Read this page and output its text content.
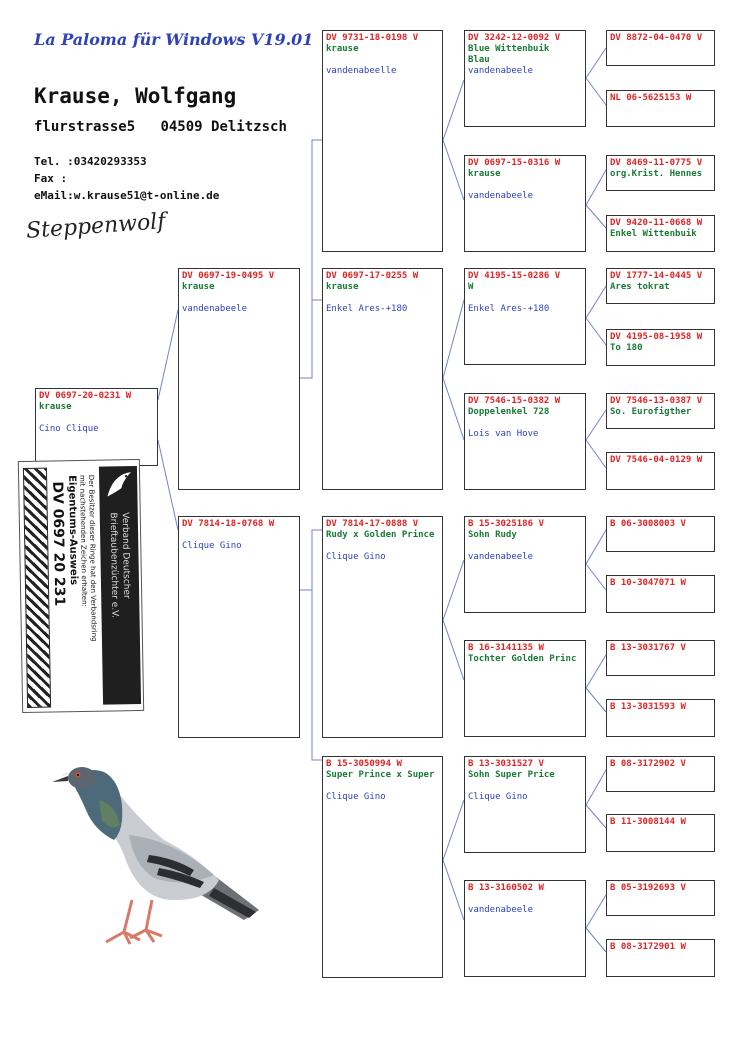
La Paloma für Windows V19.01
Krause, Wolfgang
flurstrasse5 04509 Delitzsch
Tel. :03420293353
Fax :
eMail:w.krause51@t-online.de
Steppenwolf
DV 0697-20-0231 W
krause
Cino Clique
DV 0697-19-0495 V
krause
vandenabeele
DV 7814-18-0768 W
Clique Gino
DV 9731-18-0198 V
krause
vandenabeelle
DV 0697-17-0255 W
krause
Enkel Ares-+180
DV 7814-17-0888 V
Rudy x Golden Prince
Clique Gino
B 15-3050994 W
Super Prince x Super
Clique Gino
DV 3242-12-0092 V
Blue Wittenbuik
Blau
vandenabeele
DV 0697-15-0316 W
krause
vandenabeele
DV 4195-15-0286 V
W
Enkel Ares-+180
DV 7546-15-0382 W
Doppelenkel 728
Lois van Hove
B 15-3025186 V
Sohn Rudy
vandenabeele
B 16-3141135 W
Tochter Golden Princ
B 13-3031527 V
Sohn Super Price
Clique Gino
B 13-3160502 W
vandenabeele
DV 8872-04-0470 V
NL 06-5625153 W
DV 8469-11-0775 V
org.Krist. Hennes
DV 9420-11-0668 W
Enkel Wittenbuik
DV 1777-14-0445 V
Ares tokrat
DV 4195-08-1958 W
To 180
DV 7546-13-0387 V
So. Eurofigther
DV 7546-04-0129 W
B 06-3008003 V
B 10-3047071 W
B 13-3031767 V
B 13-3031593 W
B 08-3172902 V
B 11-3008144 W
B 05-3192693 V
B 08-3172901 W
Der Besitzer dieser Ringe hat den Verbandsring
mit nachstehenden Zeichen erhalten:
Eigentums-Ausweis
DV 0697 20 231	Verband Deutscher
Brieftaubenzüchter e.V.
